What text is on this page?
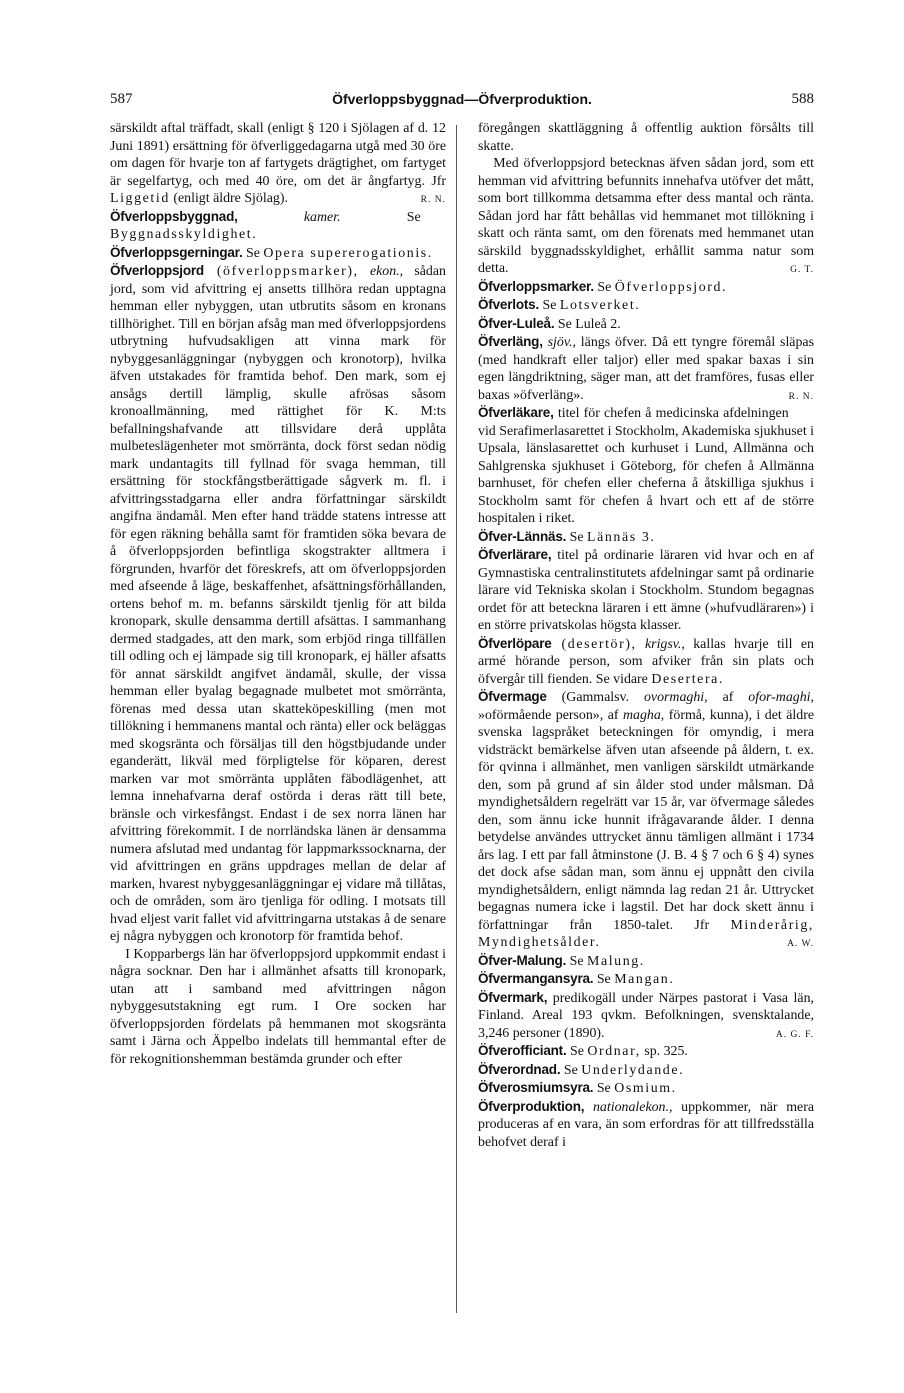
587	Öfverloppsbyggnad—Öfverproduktion.	588

särskildt aftal träffadt, skall (enligt § 120 i Sjölagen af d. 12 Juni 1891) ersättning för öfverliggedagarna utgå med 30 öre om dagen för hvarje ton af fartygets drägtighet, om fartyget är segelfartyg, och med 40 öre, om det är ångfartyg. Jfr Liggetid (enligt äldre Sjölag).	R. N.

Öfverloppsbyggnad, kamer. Se Byggnadsskyldighet.

Öfverloppsgerningar. Se Opera supererogationis.

Öfverloppsjord (öfverloppsmarker), ekon., sådan jord, som vid afvittring ej ansetts tillhöra redan upptagna hemman eller nybyggen, utan utbrutits såsom en kronans tillhörighet. Till en början afsåg man med öfverloppsjordens utbrytning hufvudsakligen att vinna mark för nybyggesanläggningar (nybyggen och kronotorp), hvilka äfven utstakades för framtida behof. Den mark, som ej ansågs dertill lämplig, skulle afrösas såsom kronoallmänning, med rättighet för K. M:ts befallningshafvande att tillsvidare derå upplåta mulbeteslägenheter mot smörränta, dock först sedan nödig mark undantagits till fyllnad för svaga hemman, till ersättning för stockfångstberättigade sågverk m. fl. i afvittringsstadgarna eller andra författningar särskildt angifna ändamål. Men efter hand trädde statens intresse att för egen räkning behålla samt för framtiden söka bevara de å öfverloppsjorden befintliga skogstrakter alltmera i förgrunden, hvarför det föreskrefs, att om öfverloppsjorden med afseende å läge, beskaffenhet, afsättningsförhållanden, ortens behof m. m. befanns särskildt tjenlig för att bilda kronopark, skulle densamma dertill afsättas. I sammanhang dermed stadgades, att den mark, som erbjöd ringa tillfällen till odling och ej lämpade sig till kronopark, ej häller afsatts för annat särskildt angifvet ändamål, skulle, der vissa hemman eller byalag begagnade mulbetet mot smörränta, förenas med dessa utan skatteköpeskilling (men mot tillökning i hemmanens mantal och ränta) eller ock beläggas med skogsränta och försäljas till den högstbjudande under eganderätt, likväl med förpligtelse för köparen, derest marken var mot smörränta upplåten fäbodlägenhet, att lemna innehafvarna deraf ostörda i deras rätt till bete, bränsle och virkesfångst. Endast i de sex norra länen har afvittring förekommit. I de norrländska länen är densamma numera afslutad med undantag för lappmarkssocknarna, der vid afvittringen en gräns uppdrages mellan de delar af marken, hvarest nybyggesanläggningar ej vidare må tillåtas, och de områden, som äro tjenliga för odling. I motsats till hvad eljest varit fallet vid afvittringarna utstakas å de senare ej några nybyggen och kronotorp för framtida behof.

I Kopparbergs län har öfverloppsjord uppkommit endast i några socknar. Den har i allmänhet afsatts till kronopark, utan att i samband med afvittringen någon nybyggesutstakning egt rum. I Ore socken har öfverloppsjorden fördelats på hemmanen mot skogsränta samt i Järna och Äppelbo indelats till hemmantal efter de för rekognitionshemman bestämda grunder och efter

föregången skattläggning å offentlig auktion försålts till skatte.

Med öfverloppsjord betecknas äfven sådan jord, som ett hemman vid afvittring befunnits innehafva utöfver det mått, som bort tillkomma detsamma efter dess mantal och ränta. Sådan jord har fått behållas vid hemmanet mot tillökning i skatt och ränta samt, om den förenats med hemmanet utan särskild byggnadsskyldighet, erhållit samma natur som detta.	G. T.

Öfverloppsmarker. Se Öfverloppsjord.

Öfverlots. Se Lotsverket.

Öfver-Luleå. Se Luleå 2.

Öfverläng, sjöv., längs öfver. Då ett tyngre föremål släpas (med handkraft eller taljor) eller med spakar baxas i sin egen längdriktning, säger man, att det framföres, fusas eller baxas »öfverläng».	R. N.

Öfverläkare, titel för chefen å medicinska afdelningen vid Serafimerlasarettet i Stockholm, Akademiska sjukhuset i Upsala, länslasarettet och kurhuset i Lund, Allmänna och Sahlgrenska sjukhuset i Göteborg, för chefen å Allmänna barnhuset, för chefen eller cheferna å åtskilliga sjukhus i Stockholm samt för chefen å hvart och ett af de större hospitalen i riket.

Öfver-Lännäs. Se Lännäs 3.

Öfverlärare, titel på ordinarie läraren vid hvar och en af Gymnastiska centralinstitutets afdelningar samt på ordinarie lärare vid Tekniska skolan i Stockholm. Stundom begagnas ordet för att beteckna läraren i ett ämne (»hufvudläraren») i en större privatskolas högsta klasser.

Öfverlöpare (desertör), krigsv., kallas hvarje till en armé hörande person, som afviker från sin plats och öfvergår till fienden. Se vidare Desertera.

Öfvermage (Gammalsv. ovormaghi, af ofor-maghi, »oförmående person», af magha, förmå, kunna), i det äldre svenska lagspråket beteckningen för omyndig, i mera vidsträckt bemärkelse äfven utan afseende på åldern, t. ex. för qvinna i allmänhet, men vanligen särskildt utmärkande den, som på grund af sin ålder stod under målsman. Då myndighetsåldern regelrätt var 15 år, var öfvermage således den, som ännu icke hunnit ifrågavarande ålder. I denna betydelse användes uttrycket ännu tämligen allmänt i 1734 års lag. I ett par fall åtminstone (J. B. 4 § 7 och 6 § 4) synes det dock afse sådan man, som ännu ej uppnått den civila myndighetsåldern, enligt nämnda lag redan 21 år. Uttrycket begagnas numera icke i lagstil. Det har dock skett ännu i författningar från 1850-talet. Jfr Minderårig, Myndighetsålder.	A. W.

Öfver-Malung. Se Malung.

Öfvermangansyra. Se Mangan.

Öfvermark, predikogäll under Närpes pastorat i Vasa län, Finland. Areal 193 qvkm. Befolkningen, svensktalande, 3,246 personer (1890).	A. G. F.

Öfverofficiant. Se Ordnar, sp. 325.

Öfverordnad. Se Underlydande.

Öfverosmiumsyra. Se Osmium.

Öfverproduktion, nationalekon., uppkommer, när mera produceras af en vara, än som erfordras för att tillfredsställa behofvet deraf i
